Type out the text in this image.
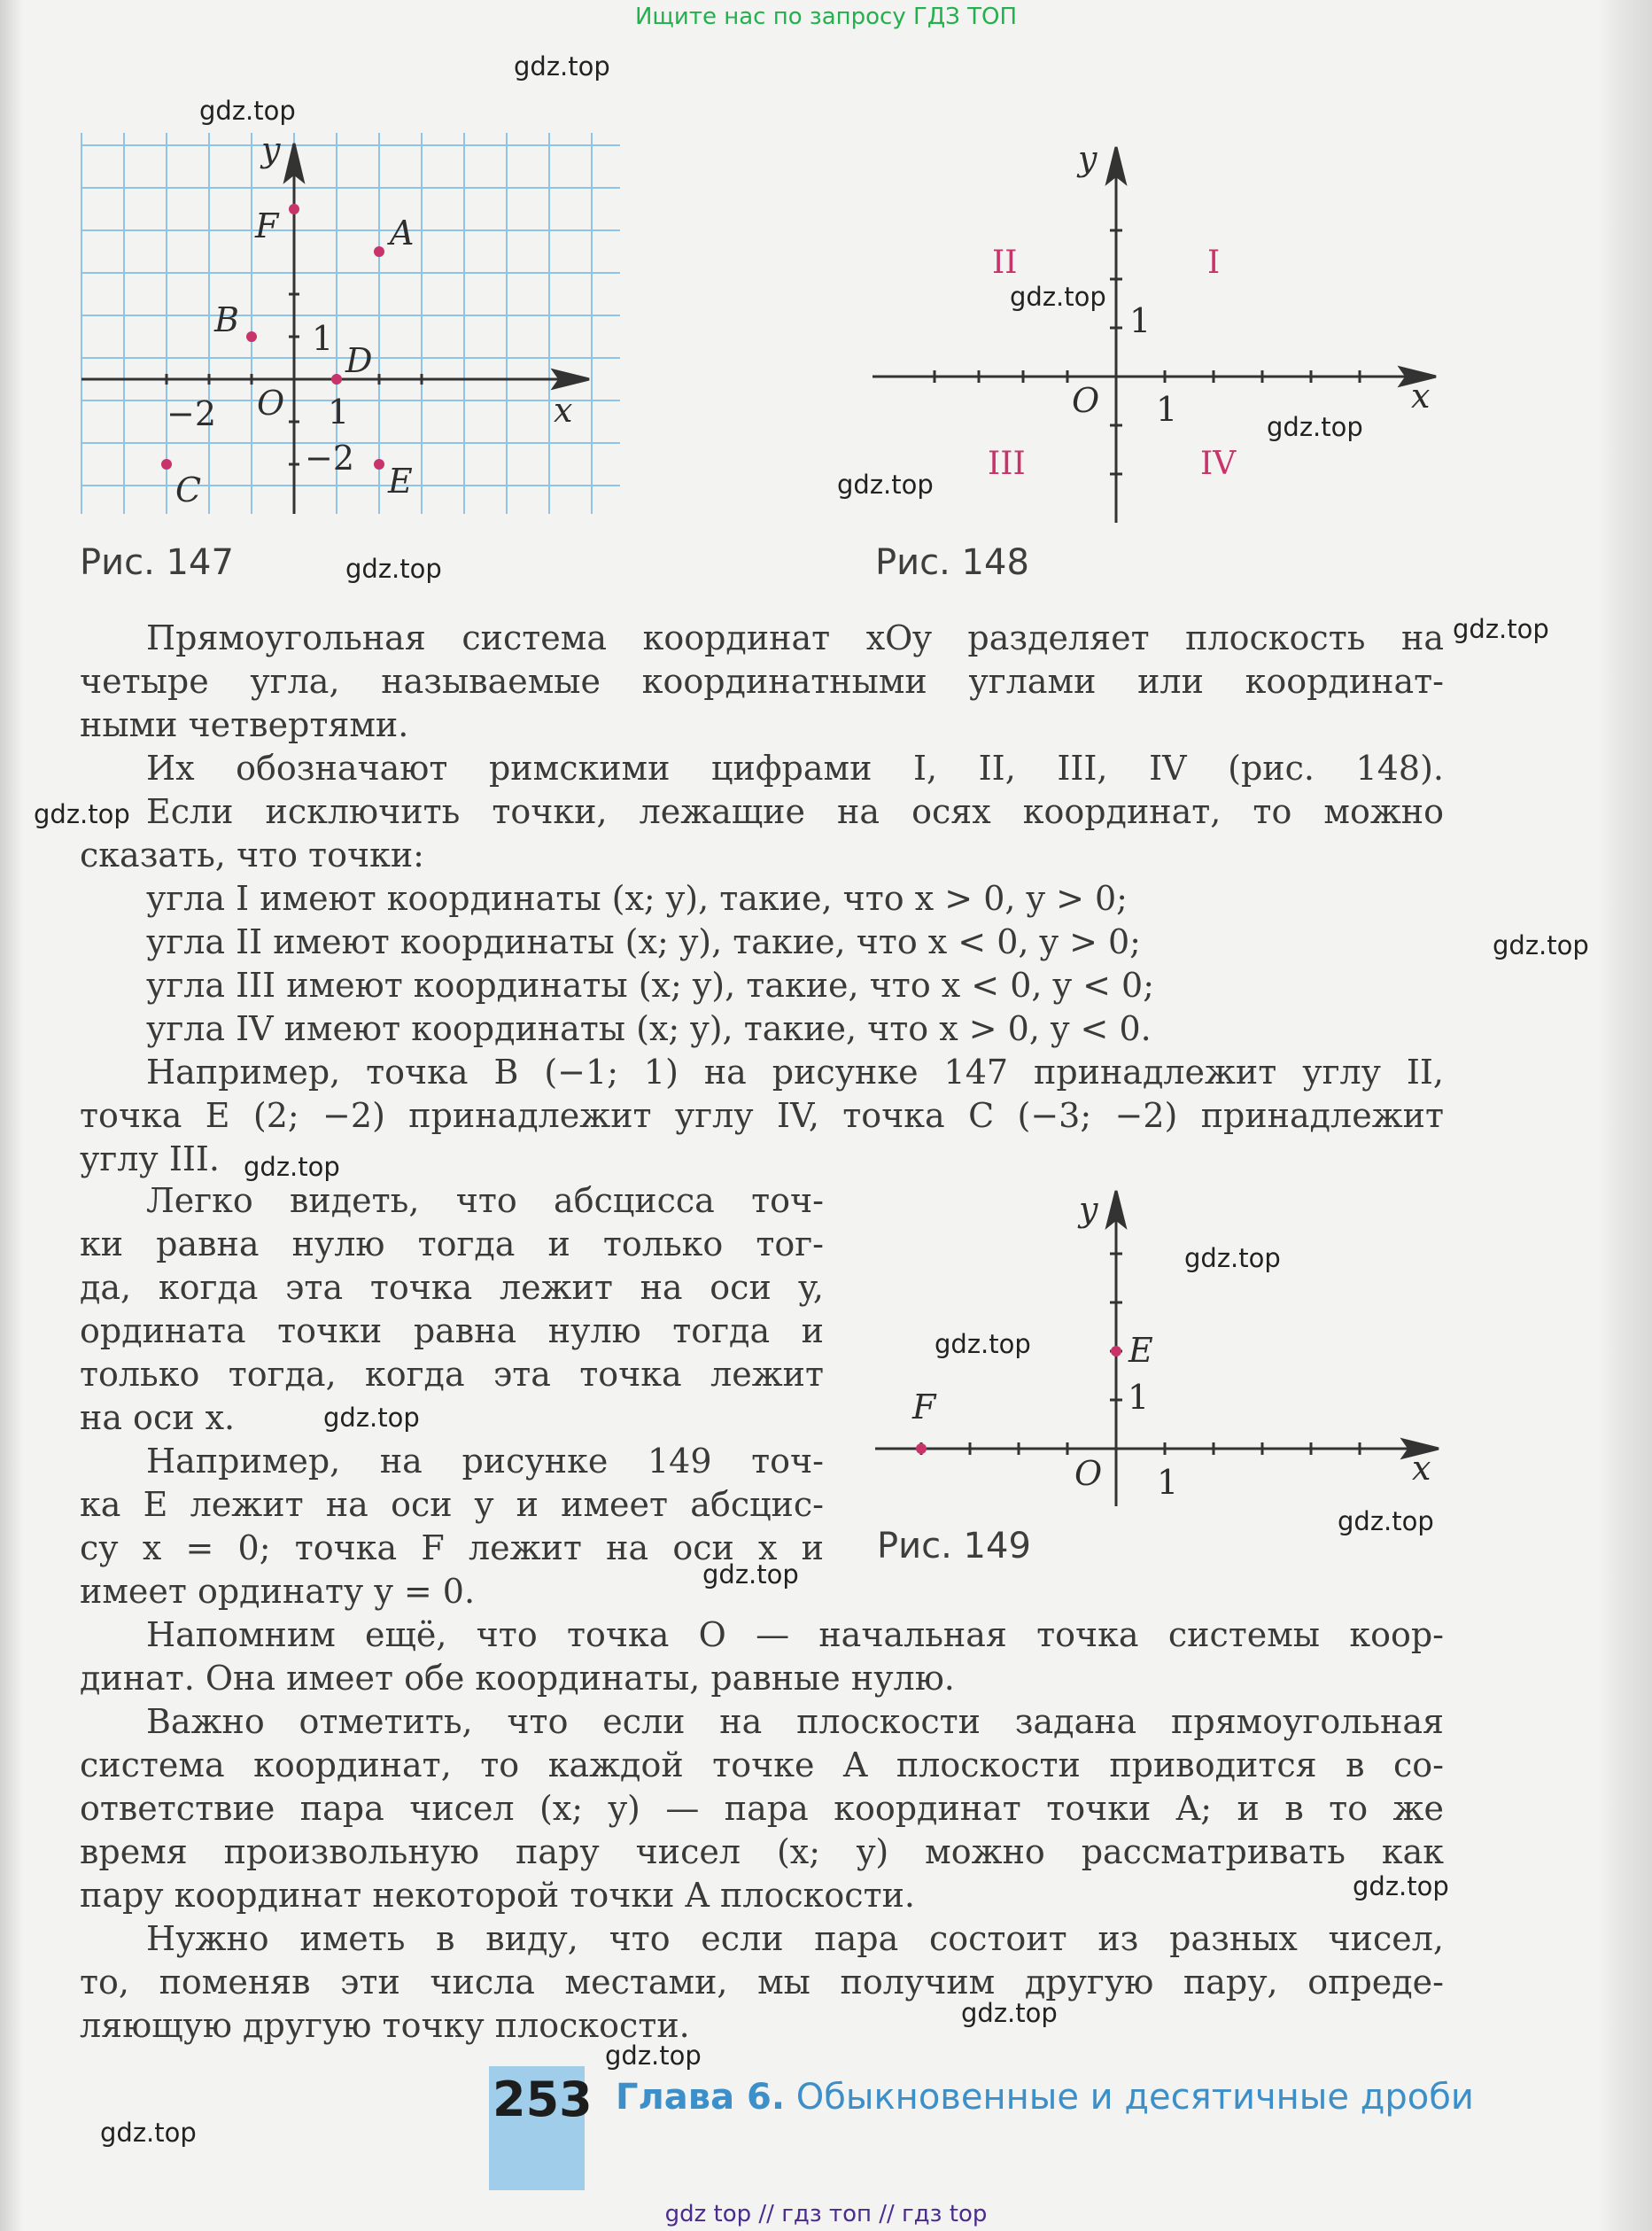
Ищите нас по запросу ГДЗ ТОП
x
y
O 1
1
−2
−2
A
B
C
D
E
F
Рис. 147
x
y
O 1
1
I
II
III	IV
Рис. 148
Прямоугольная система координат xOy разделяет плоскость на
четыре угла, называемые координатными углами или координат-
ными четвертями.
Их обозначают римскими цифрами I, II, III, IV (рис. 148).
Если исключить точки, лежащие на осях координат, то можно
сказать, что точки:
угла I имеют координаты (x; y), такие, что x > 0, y > 0;
угла II имеют координаты (x; y), такие, что x < 0, y > 0;
угла III имеют координаты (x; y), такие, что x < 0, y < 0;
угла IV имеют координаты (x; y), такие, что x > 0, y < 0.
Например, точка B (−1; 1) на рисунке 147 принадлежит углу II,
точка E (2; −2) принадлежит углу IV, точка C (−3; −2) принадлежит
углу III.
Легко видеть, что абсцисса точ-
ки равна нулю тогда и только тог-
да, когда эта точка лежит на оси y,
ордината точки равна нулю тогда и
только тогда, когда эта точка лежит
на оси x.
Например, на рисунке 149 точ-
ка E лежит на оси y и имеет абсцис-
су x = 0; точка F лежит на оси x и
имеет ординату y = 0.
x
y
O 1
1
E
F
Рис. 149
Напомним ещё, что точка O — начальная точка системы коор-
динат. Она имеет обе координаты, равные нулю.
Важно отметить, что если на плоскости задана прямоугольная
система координат, то каждой точке A плоскости приводится в со-
ответствие пара чисел (x; y) — пара координат точки A; и в то же
время произвольную пару чисел (x; y) можно рассматривать как
пару координат некоторой точки A плоскости.
Нужно иметь в виду, что если пара состоит из разных чисел,
то, поменяв эти числа местами, мы получим другую пару, опреде-
ляющую другую точку плоскости.
253 Глава 6. Обыкновенные и десятичные дроби
gdz.top
gdz.top
gdz.top
gdz.top
gdz.top
gdz.top
gdz.top
gdz.top
gdz.top
gdz.top
gdz.top
gdz.top
gdz.top
gdz.top
gdz.top
gdz.top
gdz.top
gdz.top
gdz.top
gdz top // гдз топ // гдз top
